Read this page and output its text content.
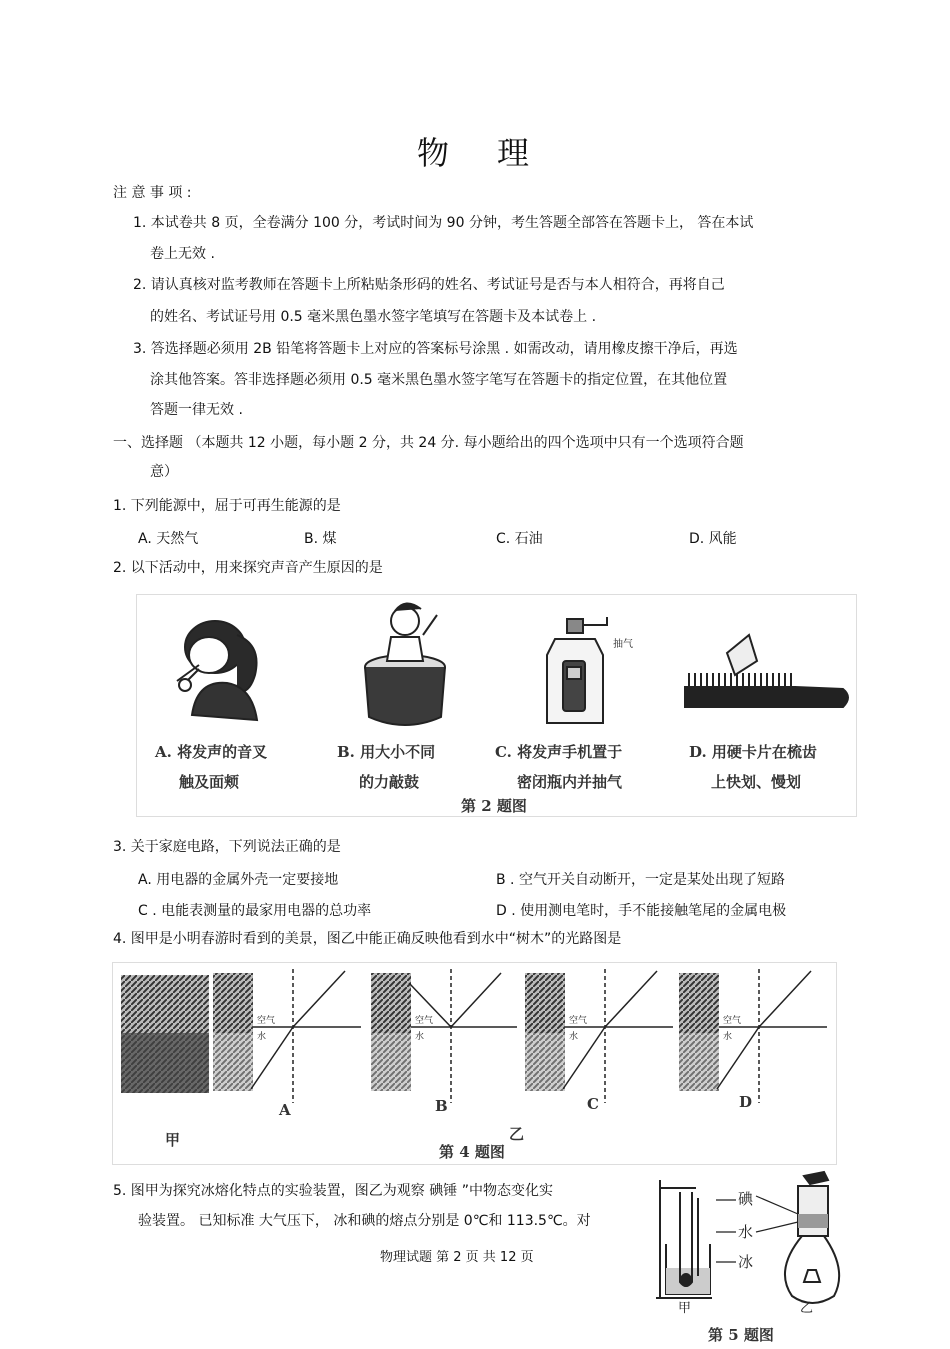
物 理
注 意 事 项 :
1. 本试卷共 8 页，全卷满分 100 分，考试时间为 90 分钟，考生答题全部答在答题卡上， 答在本试
卷上无效 .
2. 请认真核对监考教师在答题卡上所粘贴条形码的姓名、考试证号是否与本人相符合，再将自己
的姓名、考试证号用 0.5 毫米黑色墨水签字笔填写在答题卡及本试卷上 .
3. 答选择题必须用 2B 铅笔将答题卡上对应的答案标号涂黑 . 如需改动，请用橡皮擦干净后，再选
涂其他答案。答非选择题必须用 0.5 毫米黑色墨水签字笔写在答题卡的指定位置，在其他位置
答题一律无效 .
一、选择题 （本题共 12 小题，每小题 2 分，共 24 分. 每小题给出的四个选项中只有一个选项符合题
意）
1. 下列能源中，屈于可再生能源的是
A. 天然气	B. 煤	C. 石油	D. 风能
2. 以下活动中，用来探究声音产生原因的是
抽气
A. 将发声的音叉
触及面颊
B. 用大小不同
的力敲鼓
C. 将发声手机置于
密闭瓶内并抽气
D. 用硬卡片在梳齿
上快划、慢划
第 2 题图
3. 关于家庭电路，下列说法正确的是
A. 用电器的金属外壳一定要接地	B . 空气开关自动断开，一定是某处出现了短路
C . 电能表测量的最家用电器的总功率	D . 使用测电笔时，手不能接触笔尾的金属电极
4. 图甲是小明春游时看到的美景，图乙中能正确反映他看到水中“树木”的光路图是
空气
水
空气
水
空气
水
空气
水
A	B	C	D
甲	乙
第 4 题图
5. 图甲为探究冰熔化特点的实验装置，图乙为观察 碘锤 ”中物态变化实
验装置。 已知标准 大气压下， 冰和碘的熔点分别是 0℃和 113.5℃。对
碘
水
冰
甲	乙
第 5 题图
物理试题 第 2 页 共 12 页
